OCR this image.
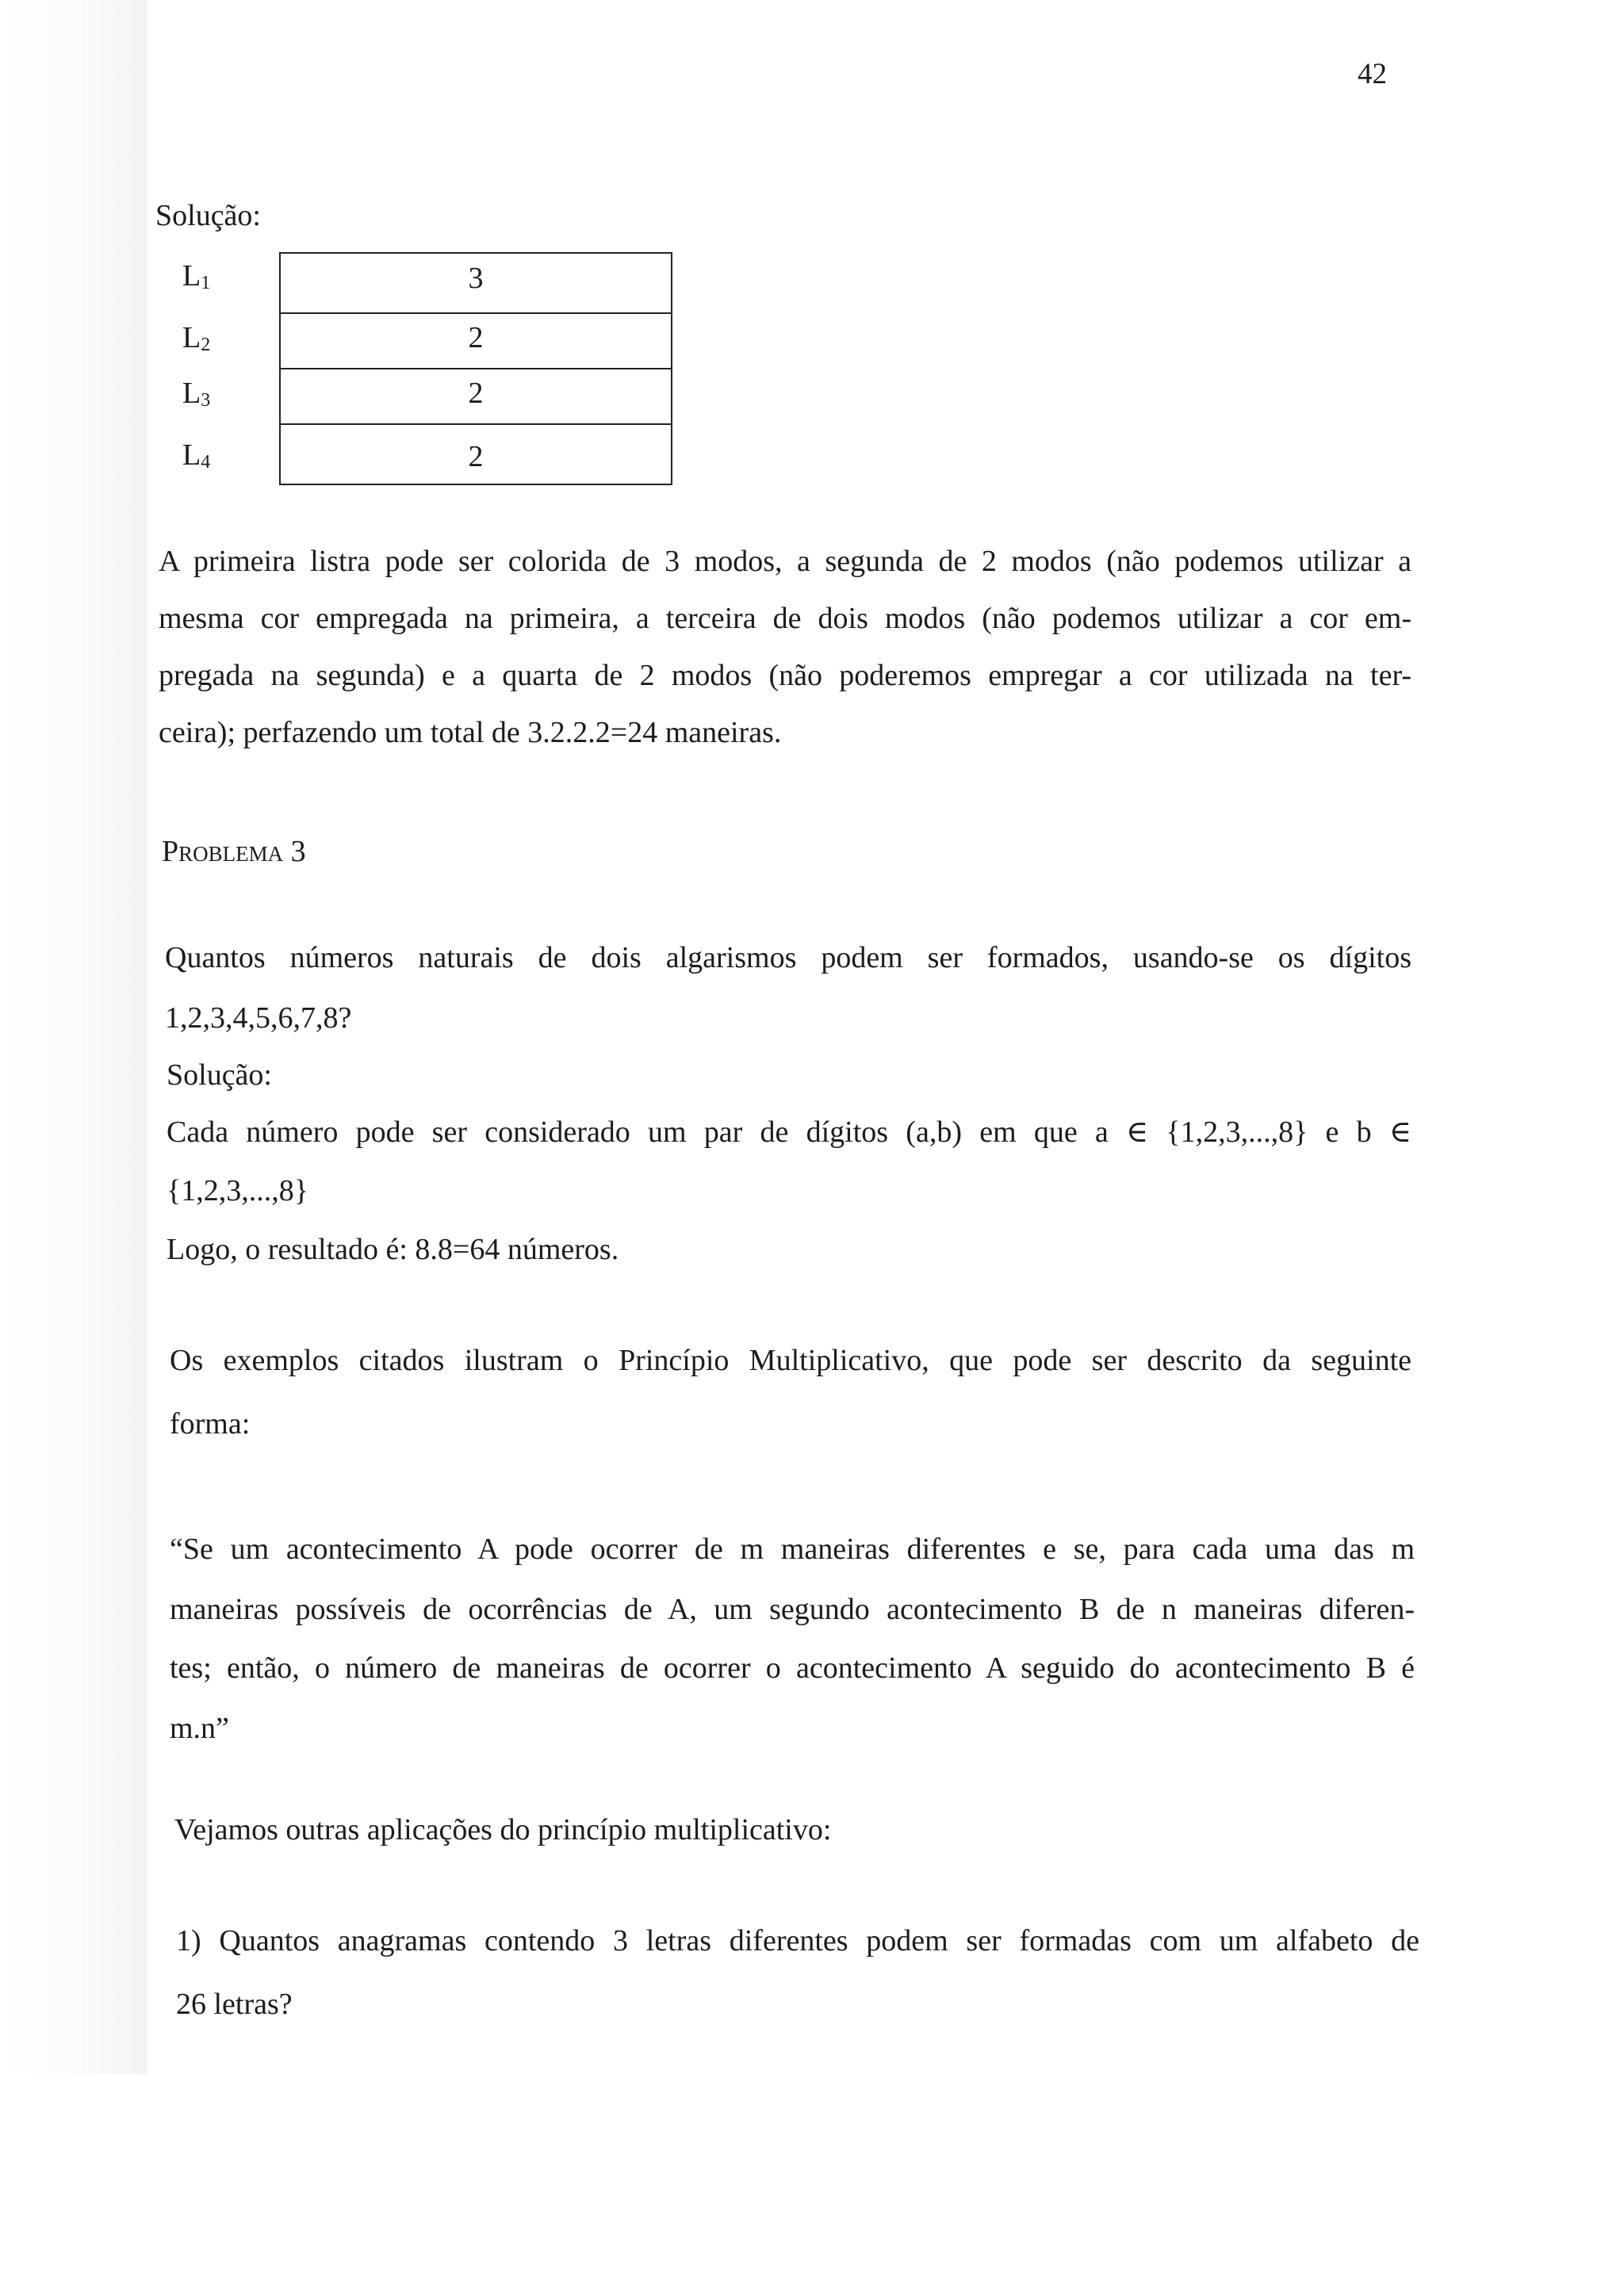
42
Solução:
$L_1$
$L_2$
$L_3$
$L_4$
3
2
2
2
A primeira listra pode ser colorida de 3 modos, a segunda de 2 modos (não podemos utilizar a
mesma cor empregada na primeira, a terceira de dois modos (não podemos utilizar a cor em-
pregada na segunda) e a quarta de 2 modos (não poderemos empregar a cor utilizada na ter-
ceira); perfazendo um total de 3.2.2.2=24 maneiras.
Problema 3
Quantos números naturais de dois algarismos podem ser formados, usando-se os dígitos
1,2,3,4,5,6,7,8?
Solução:
Cada número pode ser considerado um par de dígitos (a,b) em que a ∈ {1,2,3,...,8} e b ∈
{1,2,3,...,8}
Logo, o resultado é: 8.8=64 números.
Os exemplos citados ilustram o Princípio Multiplicativo, que pode ser descrito da seguinte
forma:
“Se um acontecimento A pode ocorrer de m maneiras diferentes e se, para cada uma das m
maneiras possíveis de ocorrências de A, um segundo acontecimento B de n maneiras diferen-
tes; então, o número de maneiras de ocorrer o acontecimento A seguido do acontecimento B é
m.n”
Vejamos outras aplicações do princípio multiplicativo:
1) Quantos anagramas contendo 3 letras diferentes podem ser formadas com um alfabeto de
26 letras?
